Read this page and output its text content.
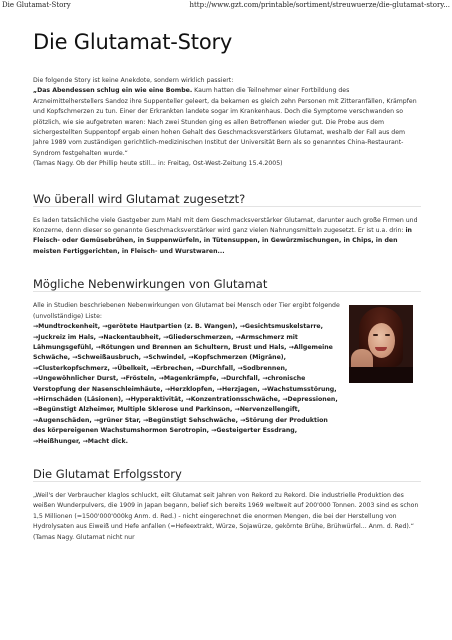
Die Glutamat-Story	http://www.gzt.com/printable/sortiment/streuwuerze/die-glutamat-story...
Die Glutamat-Story

Die folgende Story ist keine Anekdote, sondern wirklich passiert:

„Das Abendessen schlug ein wie eine Bombe. Kaum hatten die Teilnehmer einer Fortbildung des Arzneimittelherstellers Sandoz ihre Suppenteller geleert, da bekamen es gleich zehn Personen mit Zitteranfällen, Krämpfen und Kopfschmerzen zu tun. Einer der Erkrankten landete sogar im Krankenhaus. Doch die Symptome verschwanden so plötzlich, wie sie aufgetreten waren: Nach zwei Stunden ging es allen Betroffenen wieder gut. Die Probe aus dem sichergestellten Suppentopf ergab einen hohen Gehalt des Geschmacksverstärkers Glutamat, weshalb der Fall aus dem Jahre 1989 vom zuständigen gerichtlich-medizinischen Institut der Universität Bern als so genanntes China-Restaurant-Syndrom festgehalten wurde.“

(Tamas Nagy. Ob der Phillip heute still... in: Freitag, Ost-West-Zeitung 15.4.2005)

Wo überall wird Glutamat zugesetzt?

Es laden tatsächliche viele Gastgeber zum Mahl mit dem Geschmacksverstärker Glutamat, darunter auch große Firmen und Konzerne, denn dieser so genannte Geschmacksverstärker wird ganz vielen Nahrungsmitteln zugesetzt. Er ist u.a. drin: in Fleisch- oder Gemüsebrühen, in Suppenwürfeln, in Tütensuppen, in Gewürzmischungen, in Chips, in den meisten Fertiggerichten, in Fleisch- und Wurstwaren...

Mögliche Nebenwirkungen von Glutamat

Alle in Studien beschriebenen Nebenwirkungen von Glutamat bei Mensch oder Tier ergibt folgende (unvollständige) Liste:
→Mundtrockenheit, →gerötete Hautpartien (z. B. Wangen), →Gesichtsmuskelstarre, →Juckreiz im Hals, →Nackentaubheit, →Gliederschmerzen, →Armschmerz mit Lähmungsgefühl, →Rötungen und Brennen an Schultern, Brust und Hals, →Allgemeine Schwäche, →Schweißausbruch, →Schwindel, →Kopfschmerzen (Migräne), →Clusterkopfschmerz, →Übelkeit, →Erbrechen, →Durchfall, →Sodbrennen, →Ungewöhnlicher Durst, →Frösteln, →Magenkrämpfe, →Durchfall, →chronische Verstopfung der Nasenschleimhäute, →Herzklopfen, →Herzjagen, →Wachstumsstörung, →Hirnschäden (Läsionen), →Hyperaktivität, →Konzentrationsschwäche, →Depressionen, →Begünstigt Alzheimer, Multiple Sklerose und Parkinson, →Nervenzellengift, →Augenschäden, →grüner Star, →Begünstigt Sehschwäche, →Störung der Produktion des körpereigenen Wachstumshormon Serotropin, →Gesteigerter Essdrang, →Heißhunger, →Macht dick.

Die Glutamat Erfolgsstory

„Weil's der Verbraucher klaglos schluckt, eilt Glutamat seit Jahren von Rekord zu Rekord. Die industrielle Produktion des weißen Wunderpulvers, die 1909 in Japan begann, belief sich bereits 1969 weltweit auf 200'000 Tonnen. 2003 sind es schon 1,5 Millionen (=1500'000'000kg Anm. d. Red.) - nicht eingerechnet die enormen Mengen, die bei der Herstellung von Hydrolysaten aus Eiweiß und Hefe anfallen (=Hefeextrakt, Würze, Sojawürze, gekörnte Brühe, Brühwürfel... Anm. d. Red).“ (Tamas Nagy. Glutamat nicht nur
